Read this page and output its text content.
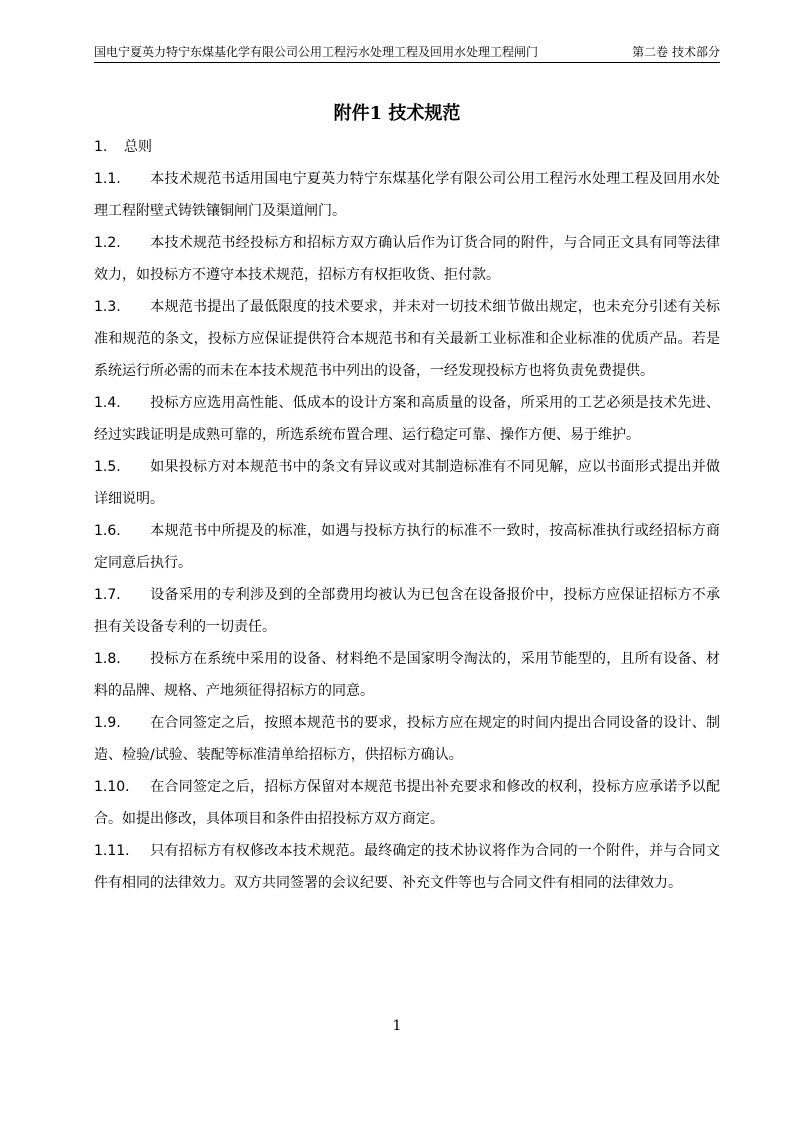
国电宁夏英力特宁东煤基化学有限公司公用工程污水处理工程及回用水处理工程闸门	第二卷 技术部分
附件1 技术规范

1. 总则

1.1. 本技术规范书适用国电宁夏英力特宁东煤基化学有限公司公用工程污水处理工程及回用水处理工程附壁式铸铁镶铜闸门及渠道闸门。

1.2. 本技术规范书经投标方和招标方双方确认后作为订货合同的附件，与合同正文具有同等法律效力，如投标方不遵守本技术规范，招标方有权拒收货、拒付款。

1.3. 本规范书提出了最低限度的技术要求，并未对一切技术细节做出规定，也未充分引述有关标准和规范的条文，投标方应保证提供符合本规范书和有关最新工业标准和企业标准的优质产品。若是系统运行所必需的而未在本技术规范书中列出的设备，一经发现投标方也将负责免费提供。

1.4. 投标方应选用高性能、低成本的设计方案和高质量的设备，所采用的工艺必须是技术先进、经过实践证明是成熟可靠的，所选系统布置合理、运行稳定可靠、操作方便、易于维护。

1.5. 如果投标方对本规范书中的条文有异议或对其制造标准有不同见解，应以书面形式提出并做详细说明。

1.6. 本规范书中所提及的标准，如遇与投标方执行的标准不一致时，按高标准执行或经招标方商定同意后执行。

1.7. 设备采用的专利涉及到的全部费用均被认为已包含在设备报价中，投标方应保证招标方不承担有关设备专利的一切责任。

1.8. 投标方在系统中采用的设备、材料绝不是国家明令淘汰的，采用节能型的，且所有设备、材料的品牌、规格、产地须征得招标方的同意。

1.9. 在合同签定之后，按照本规范书的要求，投标方应在规定的时间内提出合同设备的设计、制造、检验/试验、装配等标准清单给招标方，供招标方确认。

1.10. 在合同签定之后，招标方保留对本规范书提出补充要求和修改的权利，投标方应承诺予以配合。如提出修改，具体项目和条件由招投标方双方商定。

1.11. 只有招标方有权修改本技术规范。最终确定的技术协议将作为合同的一个附件，并与合同文件有相同的法律效力。双方共同签署的会议纪要、补充文件等也与合同文件有相同的法律效力。

1
